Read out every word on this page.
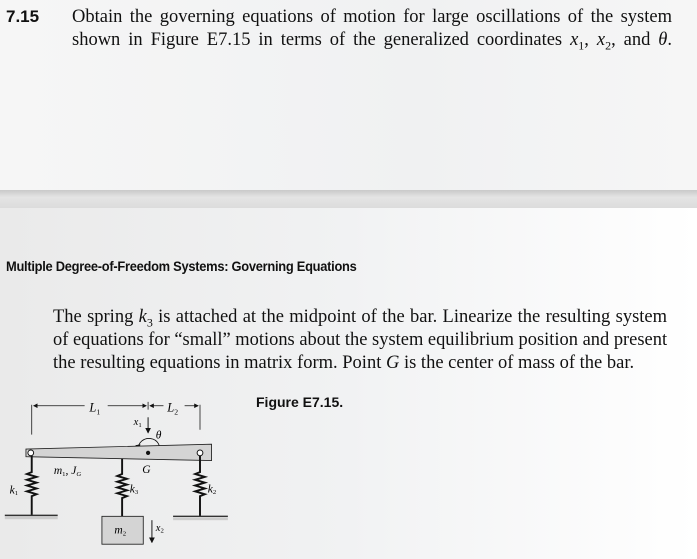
7.15 Obtain the governing equations of motion for large oscillations of the system
shown in Figure E7.15 in terms of the generalized coordinates $x_1$, $x_2$, and θ.
Multiple Degree-of-Freedom Systems: Governing Equations
The spring $k_3$ is attached at the midpoint of the bar. Linearize the resulting system
of equations for “small” motions about the system equilibrium position and present
the resulting equations in matrix form. Point G is the center of mass of the bar.
Figure E7.15.
$L_1$	$L_2$
x1
θ
G
m1, JG
k1	k3	k2
m2
x2
